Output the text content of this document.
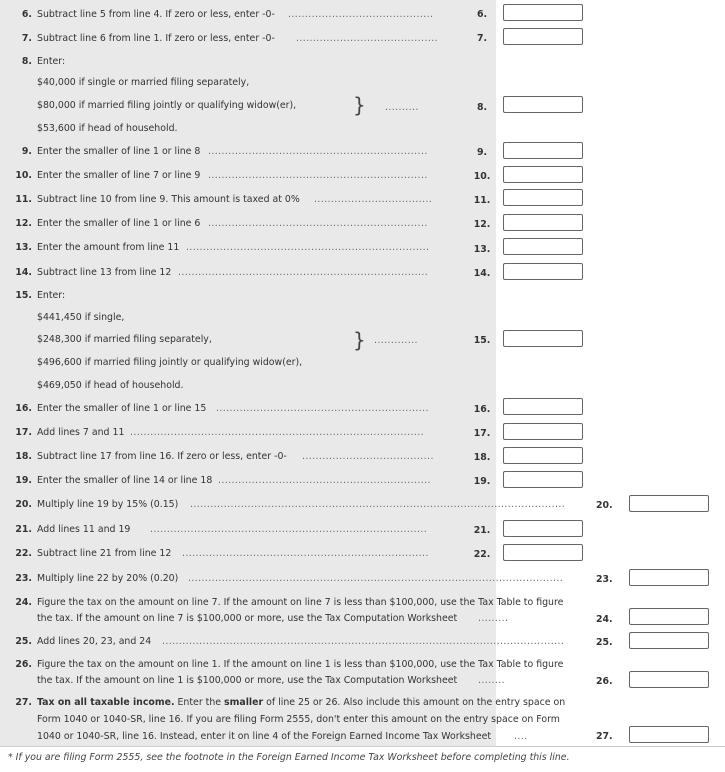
6. Subtract line 5 from line 4. If zero or less, enter -0- ...........................................	6.
7. Subtract line 6 from line 1. If zero or less, enter -0- ..........................................	7.
8. Enter:
$40,000 if single or married filing separately,
$80,000 if married filing jointly or qualifying widow(er),
$53,600 if head of household.
} ..........	8.
9. Enter the smaller of line 1 or line 8 .................................................................	9.
10. Enter the smaller of line 7 or line 9 .................................................................	10.
11. Subtract line 10 from line 9. This amount is taxed at 0% ...................................	11.
12. Enter the smaller of line 1 or line 6 .................................................................	12.
13. Enter the amount from line 11 ........................................................................	13.
14. Subtract line 13 from line 12 ..........................................................................	14.
15. Enter:
$441,450 if single,
$248,300 if married filing separately,
$496,600 if married filing jointly or qualifying widow(er),
$469,050 if head of household.
} .............	15.
16. Enter the smaller of line 1 or line 15 ...............................................................	16.
17. Add lines 7 and 11 .......................................................................................	17.
18. Subtract line 17 from line 16. If zero or less, enter -0- .......................................	18.
19. Enter the smaller of line 14 or line 18 ...............................................................	19.
20. Multiply line 19 by 15% (0.15) ...............................................................................................................	20.
21. Add lines 11 and 19 ..................................................................................	21.
22. Subtract line 21 from line 12 .........................................................................	22.
23. Multiply line 22 by 20% (0.20) ...............................................................................................................	23.
24. Figure the tax on the amount on line 7. If the amount on line 7 is less than $100,000, use the Tax Table to figure
the tax. If the amount on line 7 is $100,000 or more, use the Tax Computation Worksheet .........	24.
25. Add lines 20, 23, and 24 .......................................................................................................................	25.
26. Figure the tax on the amount on line 1. If the amount on line 1 is less than $100,000, use the Tax Table to figure
the tax. If the amount on line 1 is $100,000 or more, use the Tax Computation Worksheet ........	26.
27. Tax on all taxable income. Enter the smaller of line 25 or 26. Also include this amount on the entry space on
Form 1040 or 1040-SR, line 16. If you are filing Form 2555, don't enter this amount on the entry space on Form
1040 or 1040-SR, line 16. Instead, enter it on line 4 of the Foreign Earned Income Tax Worksheet ....	27.
* If you are filing Form 2555, see the footnote in the Foreign Earned Income Tax Worksheet before completing this line.
